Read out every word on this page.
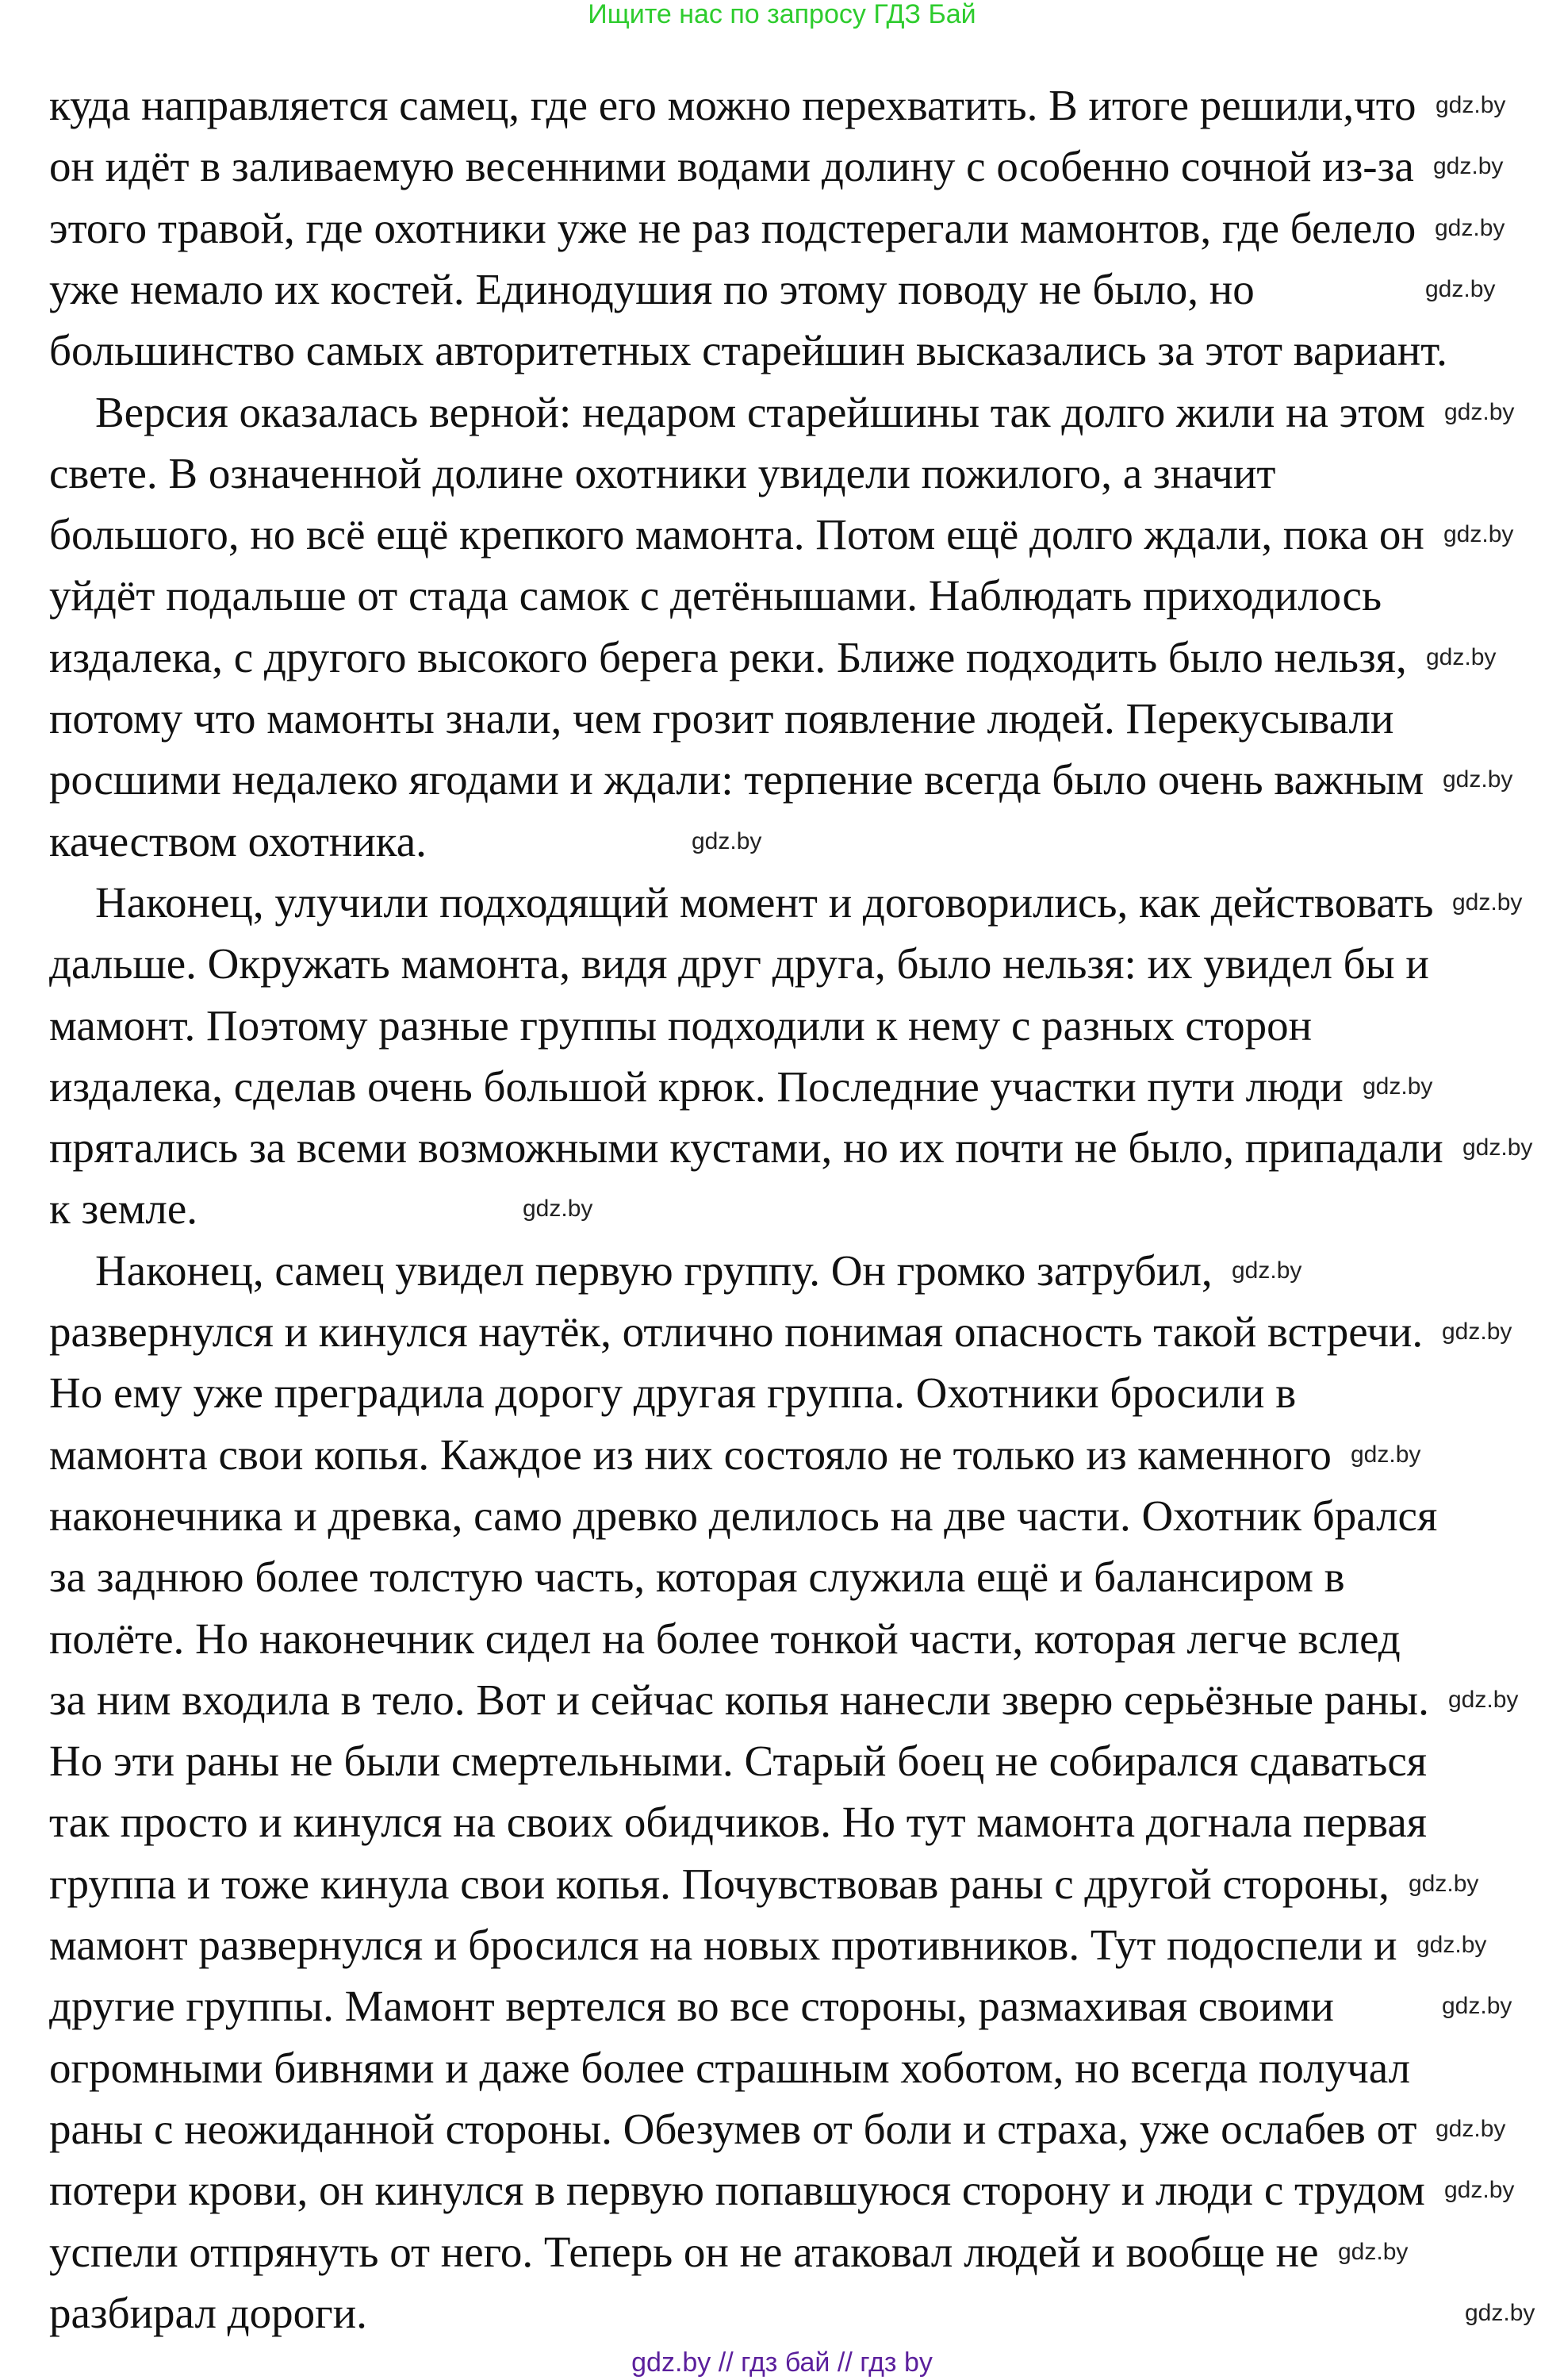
Ищите нас по запросу ГДЗ Бай
куда направляется самец, где его можно перехватить. В итоге решили,что
он идёт в заливаемую весенними водами долину с особенно сочной из-за
этого травой, где охотники уже не раз подстерегали мамонтов, где белело
уже немало их костей. Единодушия по этому поводу не было, но
большинство самых авторитетных старейшин высказались за этот вариант.
Версия оказалась верной: недаром старейшины так долго жили на этом
свете. В означенной долине охотники увидели пожилого, а значит
большого, но всё ещё крепкого мамонта. Потом ещё долго ждали, пока он
уйдёт подальше от стада самок с детёнышами. Наблюдать приходилось
издалека, с другого высокого берега реки. Ближе подходить было нельзя,
потому что мамонты знали, чем грозит появление людей. Перекусывали
росшими недалеко ягодами и ждали: терпение всегда было очень важным
качеством охотника.
Наконец, улучили подходящий момент и договорились, как действовать
дальше. Окружать мамонта, видя друг друга, было нельзя: их увидел бы и
мамонт. Поэтому разные группы подходили к нему с разных сторон
издалека, сделав очень большой крюк. Последние участки пути люди
прятались за всеми возможными кустами, но их почти не было, припадали
к земле.
Наконец, самец увидел первую группу. Он громко затрубил,
развернулся и кинулся наутёк, отлично понимая опасность такой встречи.
Но ему уже преградила дорогу другая группа. Охотники бросили в
мамонта свои копья. Каждое из них состояло не только из каменного
наконечника и древка, само древко делилось на две части. Охотник брался
за заднюю более толстую часть, которая служила ещё и балансиром в
полёте. Но наконечник сидел на более тонкой части, которая легче вслед
за ним входила в тело. Вот и сейчас копья нанесли зверю серьёзные раны.
Но эти раны не были смертельными. Старый боец не собирался сдаваться
так просто и кинулся на своих обидчиков. Но тут мамонта догнала первая
группа и тоже кинула свои копья. Почувствовав раны с другой стороны,
мамонт развернулся и бросился на новых противников. Тут подоспели и
другие группы. Мамонт вертелся во все стороны, размахивая своими
огромными бивнями и даже более страшным хоботом, но всегда получал
раны с неожиданной стороны. Обезумев от боли и страха, уже ослабев от
потери крови, он кинулся в первую попавшуюся сторону и люди с трудом
успели отпрянуть от него. Теперь он не атаковал людей и вообще не
разбирал дороги.
gdz.by
gdz.by
gdz.by
gdz.by
gdz.by
gdz.by
gdz.by
gdz.by
gdz.by
gdz.by
gdz.by
gdz.by
gdz.by
gdz.by
gdz.by
gdz.by
gdz.by
gdz.by
gdz.by
gdz.by
gdz.by
gdz.by
gdz.by
gdz.by
gdz.by // гдз бай // гдз by
